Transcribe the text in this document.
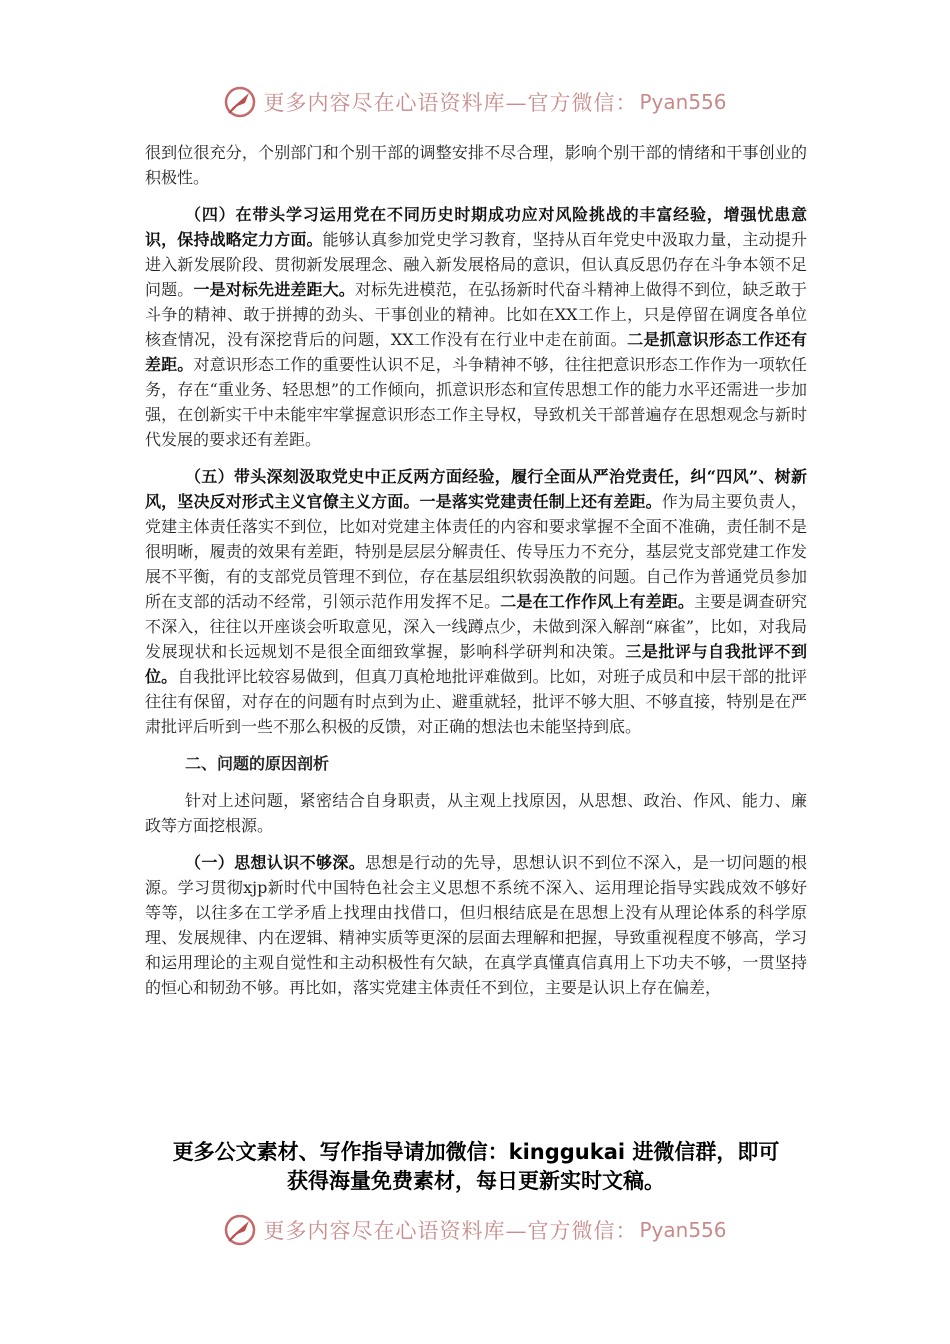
更多内容尽在心语资料库—官方微信： Pyan556

很到位很充分，个别部门和个别干部的调整安排不尽合理，影响个别干部的情绪和干事创业的积极性。

（四）在带头学习运用党在不同历史时期成功应对风险挑战的丰富经验，增强忧患意识，保持战略定力方面。能够认真参加党史学习教育，坚持从百年党史中汲取力量，主动提升进入新发展阶段、贯彻新发展理念、融入新发展格局的意识，但认真反思仍存在斗争本领不足问题。一是对标先进差距大。对标先进模范，在弘扬新时代奋斗精神上做得不到位，缺乏敢于斗争的精神、敢于拼搏的劲头、干事创业的精神。比如在XX工作上，只是停留在调度各单位核查情况，没有深挖背后的问题，XX工作没有在行业中走在前面。二是抓意识形态工作还有差距。对意识形态工作的重要性认识不足，斗争精神不够，往往把意识形态工作作为一项软任务，存在“重业务、轻思想”的工作倾向，抓意识形态和宣传思想工作的能力水平还需进一步加强，在创新实干中未能牢牢掌握意识形态工作主导权，导致机关干部普遍存在思想观念与新时代发展的要求还有差距。

（五）带头深刻汲取党史中正反两方面经验，履行全面从严治党责任，纠“四风”、树新风，坚决反对形式主义官僚主义方面。一是落实党建责任制上还有差距。作为局主要负责人，党建主体责任落实不到位，比如对党建主体责任的内容和要求掌握不全面不准确，责任制不是很明晰，履责的效果有差距，特别是层层分解责任、传导压力不充分，基层党支部党建工作发展不平衡，有的支部党员管理不到位，存在基层组织软弱涣散的问题。自己作为普通党员参加所在支部的活动不经常，引领示范作用发挥不足。二是在工作作风上有差距。主要是调查研究不深入，往往以开座谈会听取意见，深入一线蹲点少，未做到深入解剖“麻雀”，比如，对我局发展现状和长远规划不是很全面细致掌握，影响科学研判和决策。三是批评与自我批评不到位。自我批评比较容易做到，但真刀真枪地批评难做到。比如，对班子成员和中层干部的批评往往有保留，对存在的问题有时点到为止、避重就轻，批评不够大胆、不够直接，特别是在严肃批评后听到一些不那么积极的反馈，对正确的想法也未能坚持到底。

二、问题的原因剖析

针对上述问题，紧密结合自身职责，从主观上找原因，从思想、政治、作风、能力、廉政等方面挖根源。

（一）思想认识不够深。思想是行动的先导，思想认识不到位不深入，是一切问题的根源。学习贯彻xjp新时代中国特色社会主义思想不系统不深入、运用理论指导实践成效不够好等等，以往多在工学矛盾上找理由找借口，但归根结底是在思想上没有从理论体系的科学原理、发展规律、内在逻辑、精神实质等更深的层面去理解和把握，导致重视程度不够高，学习和运用理论的主观自觉性和主动积极性有欠缺，在真学真懂真信真用上下功夫不够，一贯坚持的恒心和韧劲不够。再比如，落实党建主体责任不到位，主要是认识上存在偏差，

更多公文素材、写作指导请加微信：kinggukai 进微信群，即可
获得海量免费素材，每日更新实时文稿。
更多内容尽在心语资料库—官方微信： Pyan556
